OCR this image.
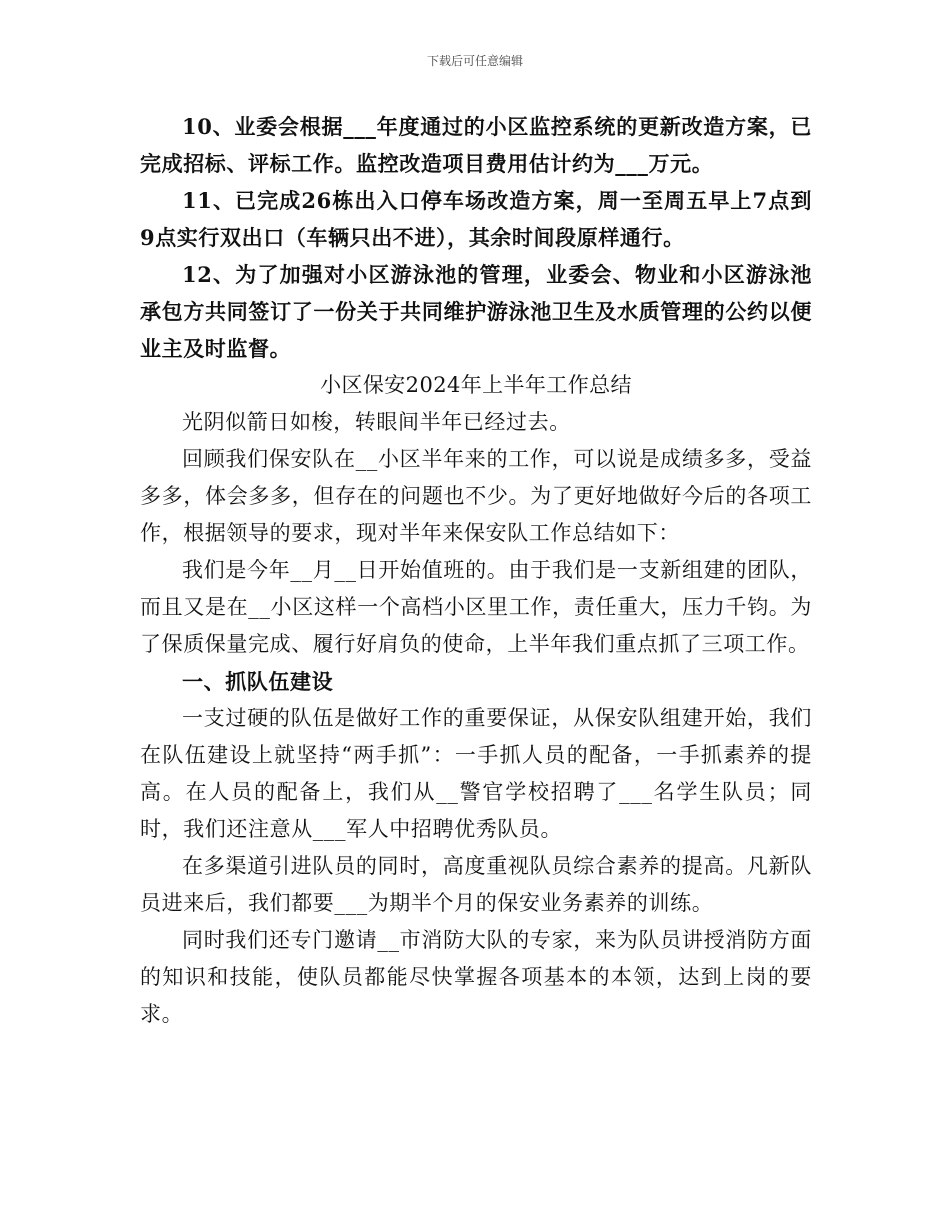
下载后可任意编辑

10、业委会根据___年度通过的小区监控系统的更新改造方案，已完成招标、评标工作。监控改造项目费用估计约为___万元。

11、已完成26栋出入口停车场改造方案，周一至周五早上7点到9点实行双出口（车辆只出不进），其余时间段原样通行。

12、为了加强对小区游泳池的管理，业委会、物业和小区游泳池承包方共同签订了一份关于共同维护游泳池卫生及水质管理的公约以便业主及时监督。

小区保安2024年上半年工作总结

光阴似箭日如梭，转眼间半年已经过去。

回顾我们保安队在__小区半年来的工作，可以说是成绩多多，受益多多，体会多多，但存在的问题也不少。为了更好地做好今后的各项工作，根据领导的要求，现对半年来保安队工作总结如下：

我们是今年__月__日开始值班的。由于我们是一支新组建的团队，而且又是在__小区这样一个高档小区里工作，责任重大，压力千钧。为了保质保量完成、履行好肩负的使命，上半年我们重点抓了三项工作。

一、抓队伍建设

一支过硬的队伍是做好工作的重要保证，从保安队组建开始，我们在队伍建设上就坚持“两手抓”：一手抓人员的配备，一手抓素养的提高。在人员的配备上，我们从__警官学校招聘了___名学生队员；同时，我们还注意从___军人中招聘优秀队员。

在多渠道引进队员的同时，高度重视队员综合素养的提高。凡新队员进来后，我们都要___为期半个月的保安业务素养的训练。

同时我们还专门邀请__市消防大队的专家，来为队员讲授消防方面的知识和技能，使队员都能尽快掌握各项基本的本领，达到上岗的要求。
